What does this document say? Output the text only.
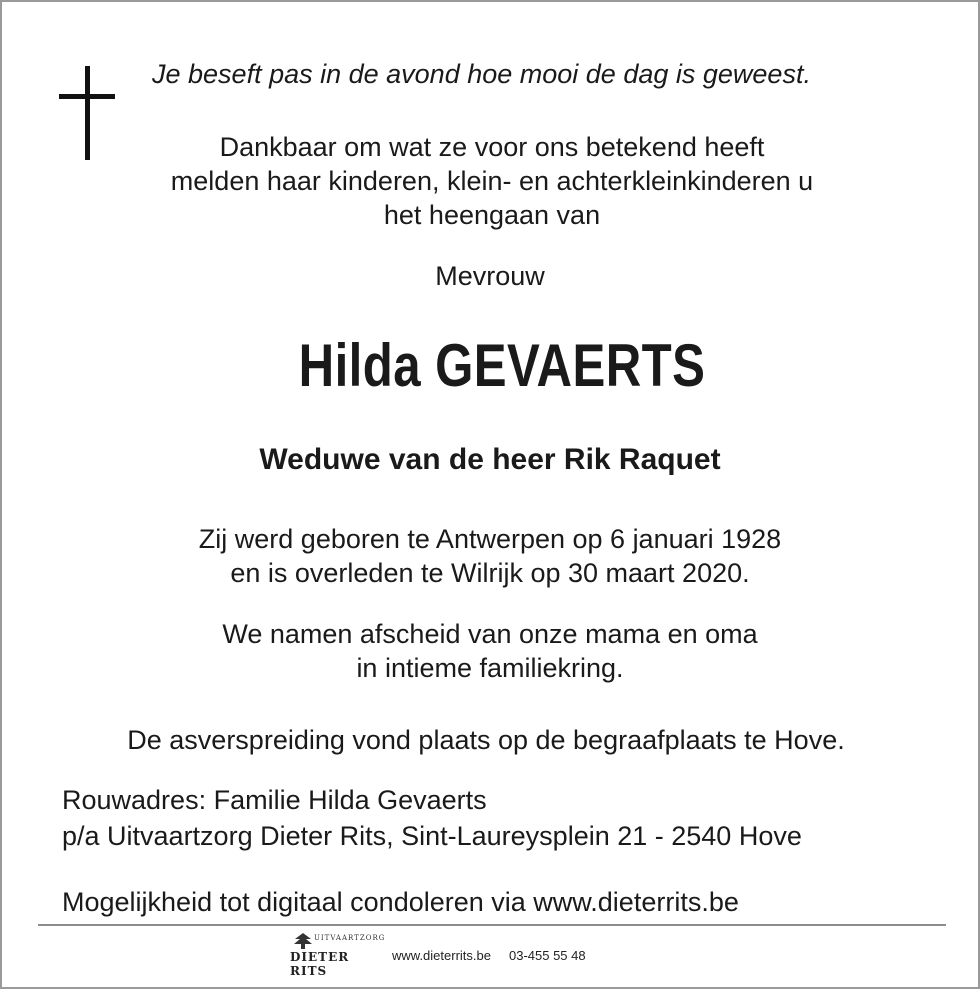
Je beseft pas in de avond hoe mooi de dag is geweest.
Dankbaar om wat ze voor ons betekend heeft
melden haar kinderen, klein- en achterkleinkinderen u
het heengaan van
Mevrouw
Hilda GEVAERTS
Weduwe van de heer Rik Raquet
Zij werd geboren te Antwerpen op 6 januari 1928
en is overleden te Wilrijk op 30 maart 2020.
We namen afscheid van onze mama en oma
in intieme familiekring.
De asverspreiding vond plaats op de begraafplaats te Hove.
Rouwadres: Familie Hilda Gevaerts
p/a Uitvaartzorg Dieter Rits, Sint-Laureysplein 21 - 2540 Hove
Mogelijkheid tot digitaal condoleren via www.dieterrits.be
UITVAARTZORG
DIETER RITS
www.dieterrits.be 03-455 55 48
